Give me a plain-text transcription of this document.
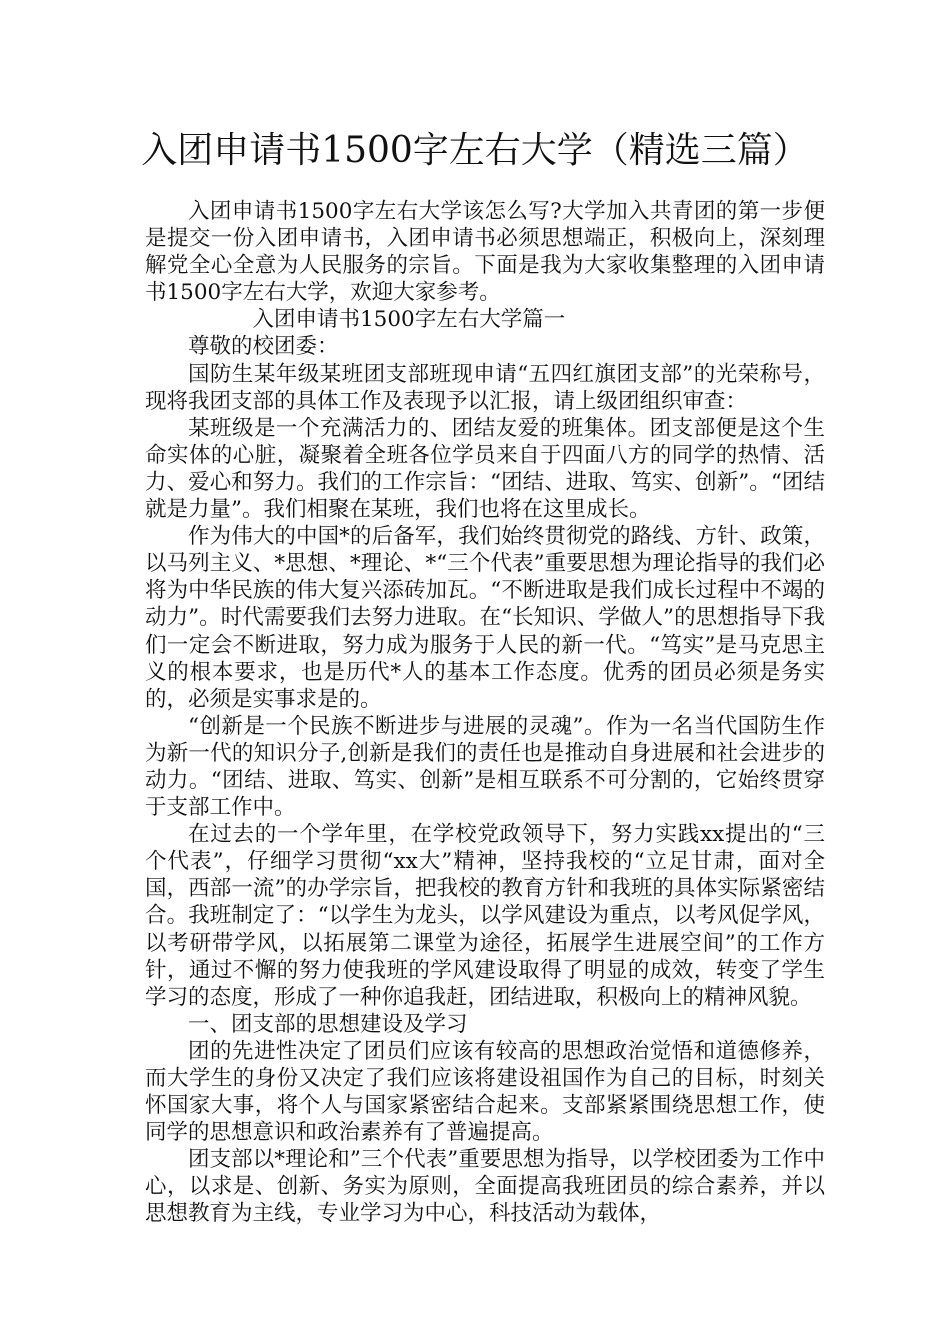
入团申请书1500字左右大学（精选三篇）

入团申请书1500字左右大学该怎么写?大学加入共青团的第一步便是提交一份入团申请书，入团申请书必须思想端正，积极向上，深刻理解党全心全意为人民服务的宗旨。下面是我为大家收集整理的入团申请书1500字左右大学，欢迎大家参考。

入团申请书1500字左右大学篇一

尊敬的校团委：

国防生某年级某班团支部班现申请“五四红旗团支部”的光荣称号，现将我团支部的具体工作及表现予以汇报，请上级团组织审查：

某班级是一个充满活力的、团结友爱的班集体。团支部便是这个生命实体的心脏，凝聚着全班各位学员来自于四面八方的同学的热情、活力、爱心和努力。我们的工作宗旨：“团结、进取、笃实、创新”。“团结就是力量”。我们相聚在某班，我们也将在这里成长。

作为伟大的中国*的后备军，我们始终贯彻党的路线、方针、政策，以马列主义、*思想、*理论、*“三个代表”重要思想为理论指导的我们必将为中华民族的伟大复兴添砖加瓦。“不断进取是我们成长过程中不竭的动力”。时代需要我们去努力进取。在“长知识、学做人”的思想指导下我们一定会不断进取，努力成为服务于人民的新一代。“笃实”是马克思主义的根本要求，也是历代*人的基本工作态度。优秀的团员必须是务实的，必须是实事求是的。

“创新是一个民族不断进步与进展的灵魂”。作为一名当代国防生作为新一代的知识分子,创新是我们的责任也是推动自身进展和社会进步的动力。“团结、进取、笃实、创新”是相互联系不可分割的，它始终贯穿于支部工作中。

在过去的一个学年里，在学校党政领导下，努力实践xx提出的“三个代表”，仔细学习贯彻“xx大”精神，坚持我校的“立足甘肃，面对全国，西部一流”的办学宗旨，把我校的教育方针和我班的具体实际紧密结合。我班制定了：“以学生为龙头，以学风建设为重点，以考风促学风，以考研带学风，以拓展第二课堂为途径，拓展学生进展空间”的工作方针，通过不懈的努力使我班的学风建设取得了明显的成效，转变了学生学习的态度，形成了一种你追我赶，团结进取，积极向上的精神风貌。

一、团支部的思想建设及学习

团的先进性决定了团员们应该有较高的思想政治觉悟和道德修养，而大学生的身份又决定了我们应该将建设祖国作为自己的目标，时刻关怀国家大事，将个人与国家紧密结合起来。支部紧紧围绕思想工作，使同学的思想意识和政治素养有了普遍提高。

团支部以*理论和”三个代表”重要思想为指导，以学校团委为工作中心，以求是、创新、务实为原则，全面提高我班团员的综合素养，并以思想教育为主线，专业学习为中心，科技活动为载体，
